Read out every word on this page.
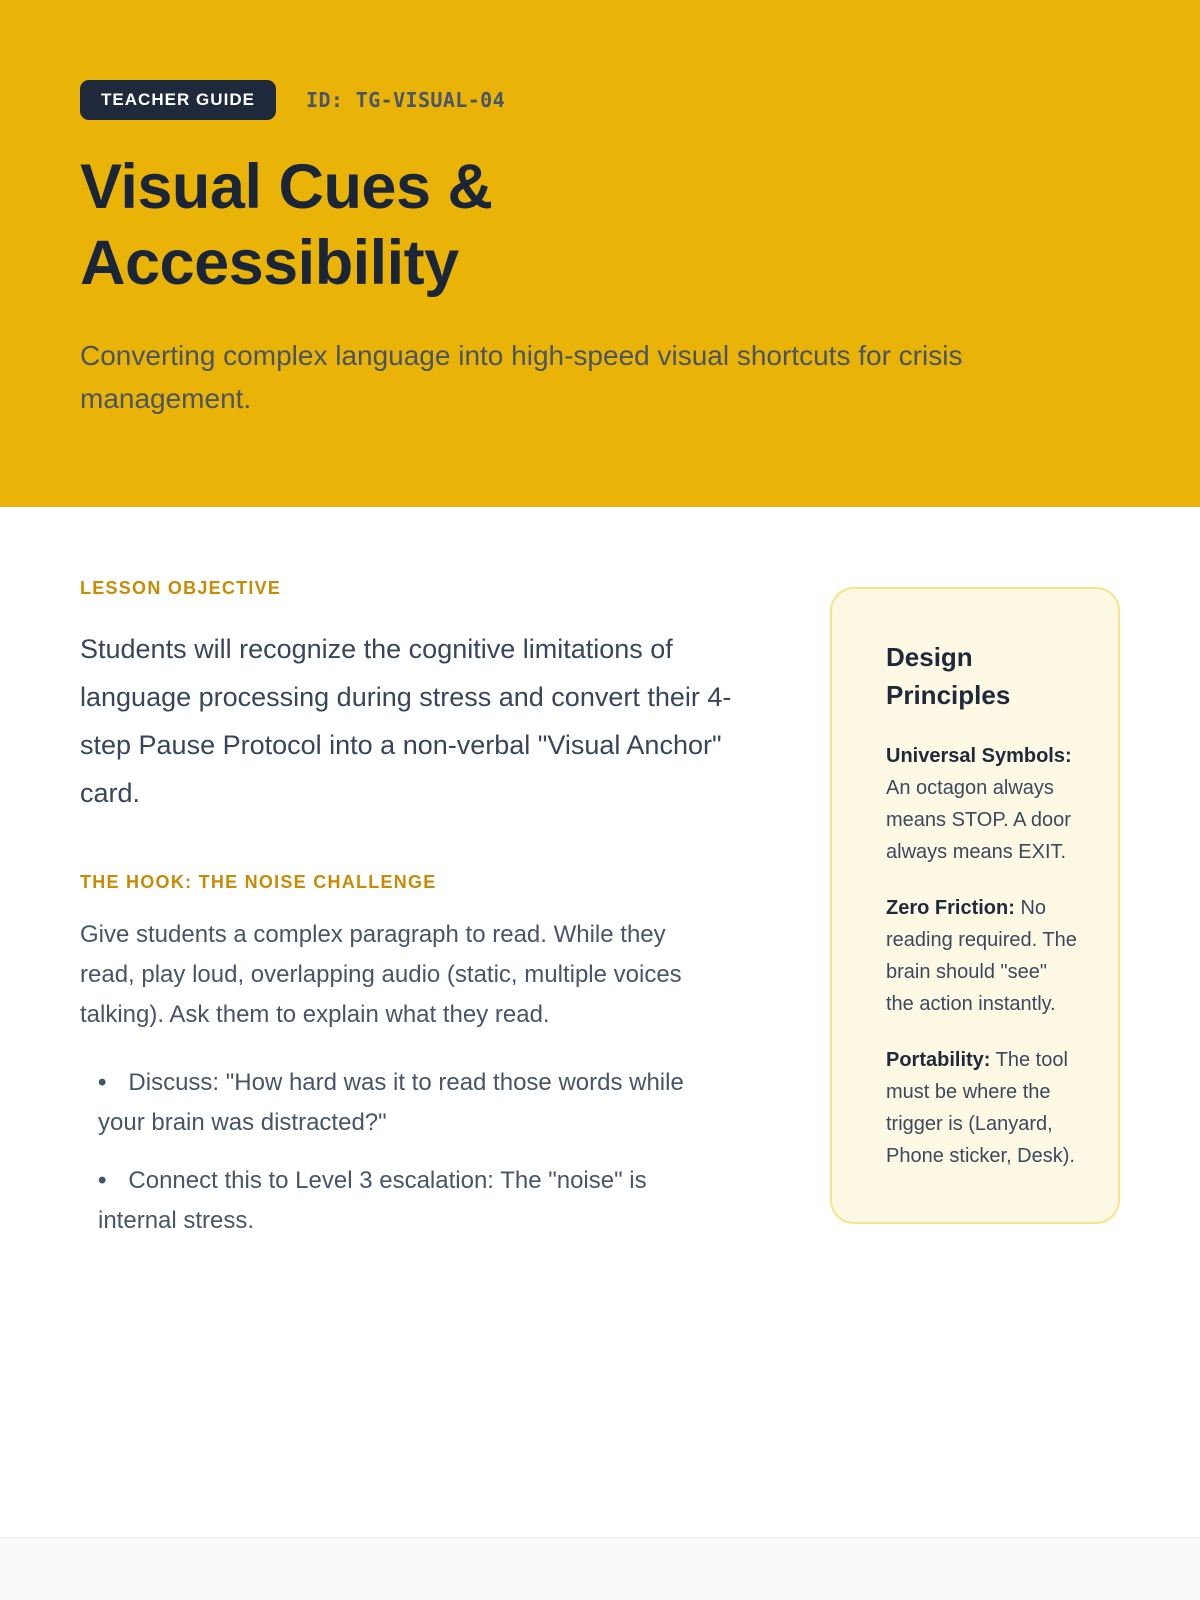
TEACHER GUIDE	ID: TG-VISUAL-04
Visual Cues &
Accessibility

Converting complex language into high-speed visual shortcuts for crisis management.

LESSON OBJECTIVE

Students will recognize the cognitive limitations of language processing during stress and convert their 4-step Pause Protocol into a non-verbal "Visual Anchor" card.

THE HOOK: THE NOISE CHALLENGE

Give students a complex paragraph to read. While they read, play loud, overlapping audio (static, multiple voices talking). Ask them to explain what they read.

• Discuss: "How hard was it to read those words while your brain was distracted?"
• Connect this to Level 3 escalation: The "noise" is internal stress.
Design Principles

Universal Symbols: An octagon always means STOP. A door always means EXIT.

Zero Friction: No reading required. The brain should "see" the action instantly.

Portability: The tool must be where the trigger is (Lanyard, Phone sticker, Desk).
